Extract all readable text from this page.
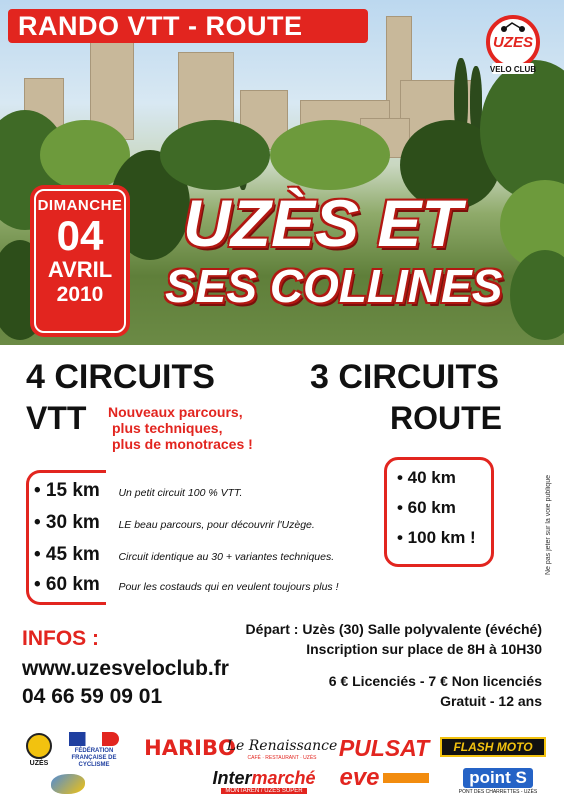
RANDO VTT - ROUTE
UZES
VELO CLUB
DIMANCHE
04
AVRIL
2010
UZÈS ET
SES COLLINES
4 CIRCUITS
VTT Nouveaux parcours,
plus techniques,
plus de monotraces !
3 CIRCUITS
ROUTE
• 15 km Un petit circuit 100 % VTT.
• 30 km LE beau parcours, pour découvrir l'Uzège.
• 45 km Circuit identique au 30 + variantes techniques.
• 60 km Pour les costauds qui en veulent toujours plus !
• 40 km
• 60 km
• 100 km !	Ne pas jeter sur la voie publique
INFOS :
www.uzesveloclub.fr
04 66 59 09 01
Départ : Uzès (30) Salle polyvalente (évéché)
Inscription sur place de 8H à 10H30
6 € Licenciés - 7 € Non licenciés
Gratuit - 12 ans
UZÈS
FÉDÉRATION FRANÇAISE DE CYCLISME
HARIBO
Le Renaissance
CAFÉ · RESTAURANT · UZÈS PULSAT	FLASH MOTO
Intermarché
MONTAREN / UZÈS SUPER eve	point S
PONT DES CHARRETTES - UZÈS
